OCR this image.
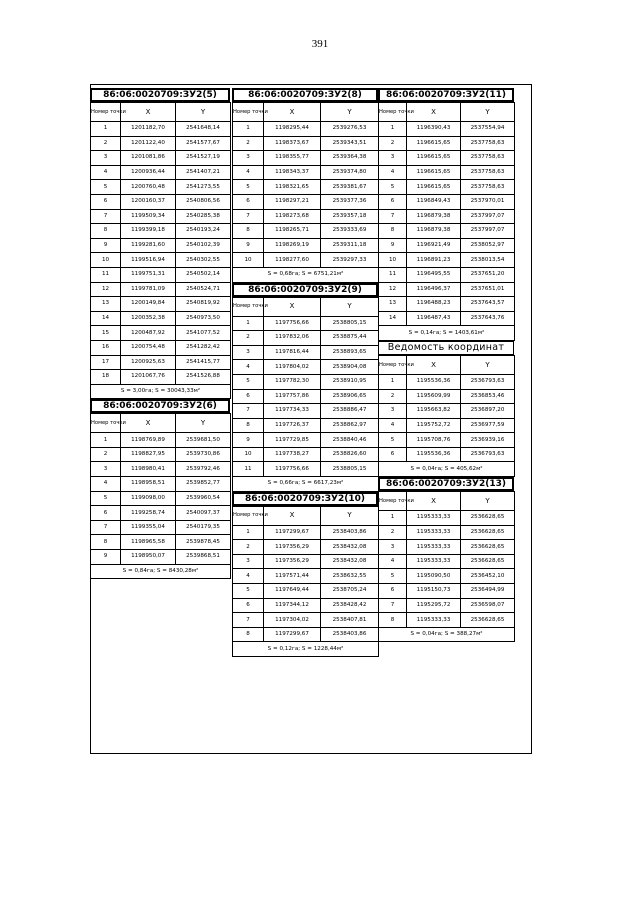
391
86:06:0020709:ЗУ2(5)
Номер точки	X	Y
1	1201182,70	2541648,14
2	1201122,40	2541577,67
3	1201081,86	2541527,19
4	1200936,44	2541407,21
5	1200760,48	2541273,55
6	1200160,37	2540806,56
7	1199509,34	2540285,38
8	1199399,18	2540193,24
9	1199281,60	2540102,39
10	1199516,94	2540302,55
11	1199751,31	2540502,14
12	1199781,09	2540524,71
13	1200149,84	2540819,92
14	1200352,38	2540973,50
15	1200487,92	2541077,52
16	1200754,48	2541282,42
17	1200925,63	2541415,77
18	1201067,76	2541526,88
S = 3,00га; S = 30043,33м²		
86:06:0020709:ЗУ2(6)
Номер точки	X	Y
1	1198769,89	2539681,50
2	1198827,95	2539730,86
3	1198980,41	2539792,46
4	1198958,51	2539852,77
5	1199098,00	2539960,54
6	1199258,74	2540097,37
7	1199355,04	2540179,35
8	1198965,58	2539878,45
9	1198950,07	2539868,51
S = 0,84га; S = 8430,28м²		
86:06:0020709:ЗУ2(8)
Номер точки	X	Y
1	1198295,44	2539276,53
2	1198373,67	2539343,51
3	1198355,77	2539364,38
4	1198343,37	2539374,80
5	1198321,65	2539381,67
6	1198297,21	2539377,36
7	1198273,68	2539357,18
8	1198265,71	2539333,69
9	1198269,19	2539311,18
10	1198277,60	2539297,33
S = 0,68га; S = 6751,21м²		
86:06:0020709:ЗУ2(9)
Номер точки	X	Y
1	1197756,66	2538805,15
2	1197832,06	2538875,44
3	1197816,44	2538893,65
4	1197804,02	2538904,08
5	1197782,30	2538910,95
6	1197757,86	2538906,65
7	1197734,33	2538886,47
8	1197726,37	2538862,97
9	1197729,85	2538840,46
10	1197738,27	2538826,60
11	1197756,66	2538805,15
S = 0,66га; S = 6617,23м²		
86:06:0020709:ЗУ2(10)
Номер точки	X	Y
1	1197299,67	2538403,86
2	1197356,29	2538432,08
3	1197356,29	2538432,08
4	1197571,44	2538632,55
5	1197649,44	2538705,24
6	1197344,12	2538428,42
7	1197304,02	2538407,81
8	1197299,67	2538403,86
S = 0,12га; S = 1228,44м²		
86:06:0020709:ЗУ2(11)
Номер точки	X	Y
1	1196390,43	2537554,94
2	1196615,65	2537758,63
3	1196615,65	2537758,63
4	1196615,65	2537758,63
5	1196615,65	2537758,63
6	1196849,43	2537970,01
7	1196879,38	2537997,07
8	1196879,38	2537997,07
9	1196921,49	2538052,97
10	1196891,23	2538013,54
11	1196495,55	2537651,20
12	1196496,37	2537651,01
13	1196488,23	2537643,57
14	1196487,43	2537643,76
S = 0,14га; S = 1403,61м²		
Ведомость координат
Номер точки	X	Y
1	1195536,36	2536793,63
2	1195609,99	2536853,46
3	1195663,82	2536897,20
4	1195752,72	2536977,59
5	1195708,76	2536939,16
6	1195536,36	2536793,63
S = 0,04га; S = 405,62м²		
86:06:0020709:ЗУ2(13)
Номер точки	X	Y
1	1195333,33	2536628,65
2	1195333,33	2536628,65
3	1195333,33	2536628,65
4	1195333,33	2536628,65
5	1195090,50	2536452,10
6	1195150,73	2536494,99
7	1195295,72	2536598,07
8	1195333,33	2536628,65
S = 0,04га; S = 388,27м²		
